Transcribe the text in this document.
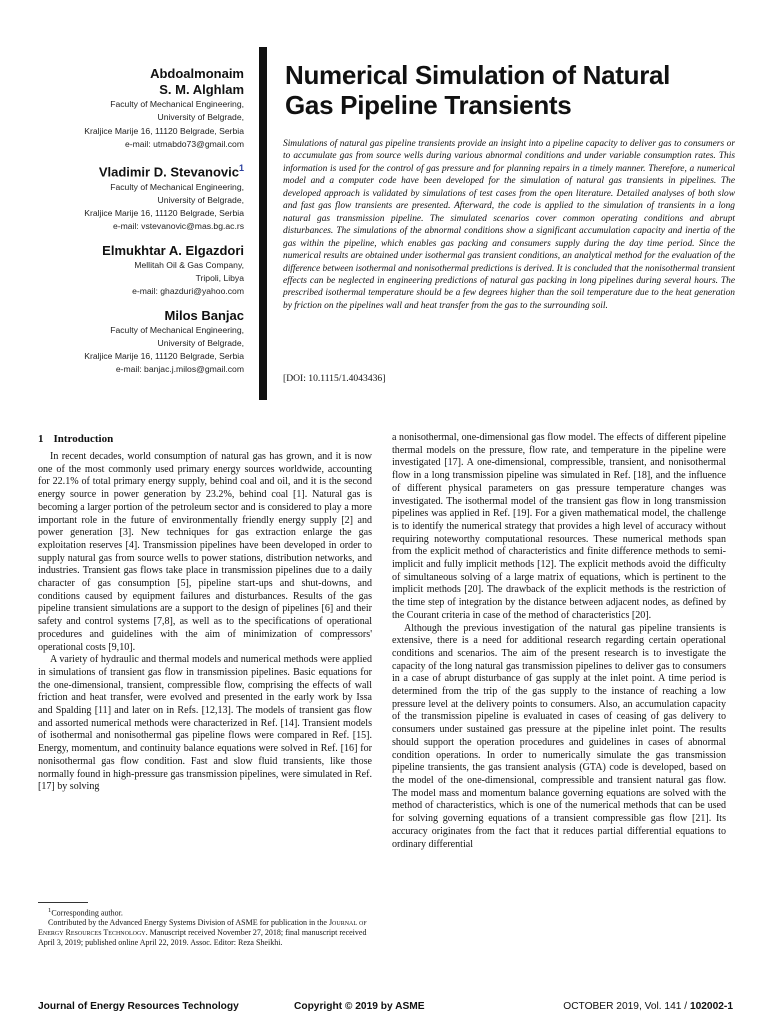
Abdoalmonaim
S. M. Alghlam
Faculty of Mechanical Engineering,
University of Belgrade,
Kraljice Marije 16, 11120 Belgrade, Serbia
e-mail: utmabdo73@gmail.com
Vladimir D. Stevanovic$^1$
Faculty of Mechanical Engineering,
University of Belgrade,
Kraljice Marije 16, 11120 Belgrade, Serbia
e-mail: vstevanovic@mas.bg.ac.rs
Elmukhtar A. Elgazdori
Mellitah Oil & Gas Company,
Tripoli, Libya
e-mail: ghazduri@yahoo.com
Milos Banjac
Faculty of Mechanical Engineering,
University of Belgrade,
Kraljice Marije 16, 11120 Belgrade, Serbia
e-mail: banjac.j.milos@gmail.com
Numerical Simulation of Natural Gas Pipeline Transients
Simulations of natural gas pipeline transients provide an insight into a pipeline capacity to deliver gas to consumers or to accumulate gas from source wells during various abnormal conditions and under variable consumption rates. This information is used for the control of gas pressure and for planning repairs in a timely manner. Therefore, a numerical model and a computer code have been developed for the simulation of natural gas transients in pipelines. The developed approach is validated by simulations of test cases from the open literature. Detailed analyses of both slow and fast gas flow transients are presented. Afterward, the code is applied to the simulation of transients in a long natural gas transmission pipeline. The simulated scenarios cover common operating conditions and abrupt disturbances. The simulations of the abnormal conditions show a significant accumulation capacity and inertia of the gas within the pipeline, which enables gas packing and consumers supply during the day time period. Since the numerical results are obtained under isothermal gas transient conditions, an analytical method for the evaluation of the difference between isothermal and nonisothermal predictions is derived. It is concluded that the nonisothermal transient effects can be neglected in engineering predictions of natural gas packing in long pipelines during several hours. The prescribed isothermal temperature should be a few degrees higher than the soil temperature due to the heat generation by friction on the pipelines wall and heat transfer from the gas to the surrounding soil.
[DOI: 10.1115/1.4043436]
1 Introduction

In recent decades, world consumption of natural gas has grown, and it is now one of the most commonly used primary energy sources worldwide, accounting for 22.1% of total primary energy supply, behind coal and oil, and it is the second energy source in power generation by 23.2%, behind coal [1]. Natural gas is becoming a larger portion of the petroleum sector and is considered to play a more important role in the future of environmentally friendly energy supply [2] and power generation [3]. New techniques for gas extraction enlarge the gas exploitation reserves [4]. Transmission pipelines have been developed in order to supply natural gas from source wells to power stations, distribution networks, and industries. Transient gas flows take place in transmission pipelines due to a daily character of gas consumption [5], pipeline start-ups and shut-downs, and conditions caused by equipment failures and disturbances. Results of the gas pipeline transient simulations are a support to the design of pipelines [6] and their safety and control systems [7,8], as well as to the specifications of operational procedures and guidelines with the aim of minimization of compressors' operational costs [9,10].

A variety of hydraulic and thermal models and numerical methods were applied in simulations of transient gas flow in transmission pipelines. Basic equations for the one-dimensional, transient, compressible flow, comprising the effects of wall friction and heat transfer, were evolved and presented in the early work by Issa and Spalding [11] and later on in Refs. [12,13]. The models of transient gas flow and assorted numerical methods were characterized in Ref. [14]. Transient models of isothermal and nonisothermal gas pipeline flows were compared in Ref. [15]. Energy, momentum, and continuity balance equations were solved in Ref. [16] for nonisothermal gas flow condition. Fast and slow fluid transients, like those normally found in high-pressure gas transmission pipelines, were simulated in Ref. [17] by solving

a nonisothermal, one-dimensional gas flow model. The effects of different pipeline thermal models on the pressure, flow rate, and temperature in the pipeline were investigated [17]. A one-dimensional, compressible, transient, and nonisothermal flow in a long transmission pipeline was simulated in Ref. [18], and the influence of different physical parameters on gas pressure temperature changes was investigated. The isothermal model of the transient gas flow in long transmission pipelines was applied in Ref. [19]. For a given mathematical model, the challenge is to identify the numerical strategy that provides a high level of accuracy without requiring noteworthy computational resources. These numerical methods span from the explicit method of characteristics and finite difference methods to semi-implicit and fully implicit methods [12]. The explicit methods avoid the difficulty of simultaneous solving of a large matrix of equations, which is pertinent to the implicit methods [20]. The drawback of the explicit methods is the restriction of the time step of integration by the distance between adjacent nodes, as defined by the Courant criteria in case of the method of characteristics [20].

Although the previous investigation of the natural gas pipeline transients is extensive, there is a need for additional research regarding certain operational conditions and scenarios. The aim of the present research is to investigate the capacity of the long natural gas transmission pipelines to deliver gas to consumers in a case of abrupt disturbance of gas supply at the inlet point. A time period is determined from the trip of the gas supply to the instance of reaching a low pressure level at the delivery points to consumers. Also, an accumulation capacity of the transmission pipeline is evaluated in cases of ceasing of gas delivery to consumers under sustained gas pressure at the pipeline inlet point. The results should support the operation procedures and guidelines in cases of abnormal condition operations. In order to numerically simulate the gas transmission pipeline transients, the gas transient analysis (GTA) code is developed, based on the model of the one-dimensional, compressible and transient natural gas flow. The model mass and momentum balance governing equations are solved with the method of characteristics, which is one of the numerical methods that can be used for solving governing equations of a transient compressible gas flow [21]. Its accuracy originates from the fact that it reduces partial differential equations to ordinary differential

$^1$Corresponding author.

Contributed by the Advanced Energy Systems Division of ASME for publication in the Journal of Energy Resources Technology. Manuscript received November 27, 2018; final manuscript received April 3, 2019; published online April 22, 2019. Assoc. Editor: Reza Sheikhi.

Journal of Energy Resources Technology	Copyright © 2019 by ASME	OCTOBER 2019, Vol. 141 / 102002-1
